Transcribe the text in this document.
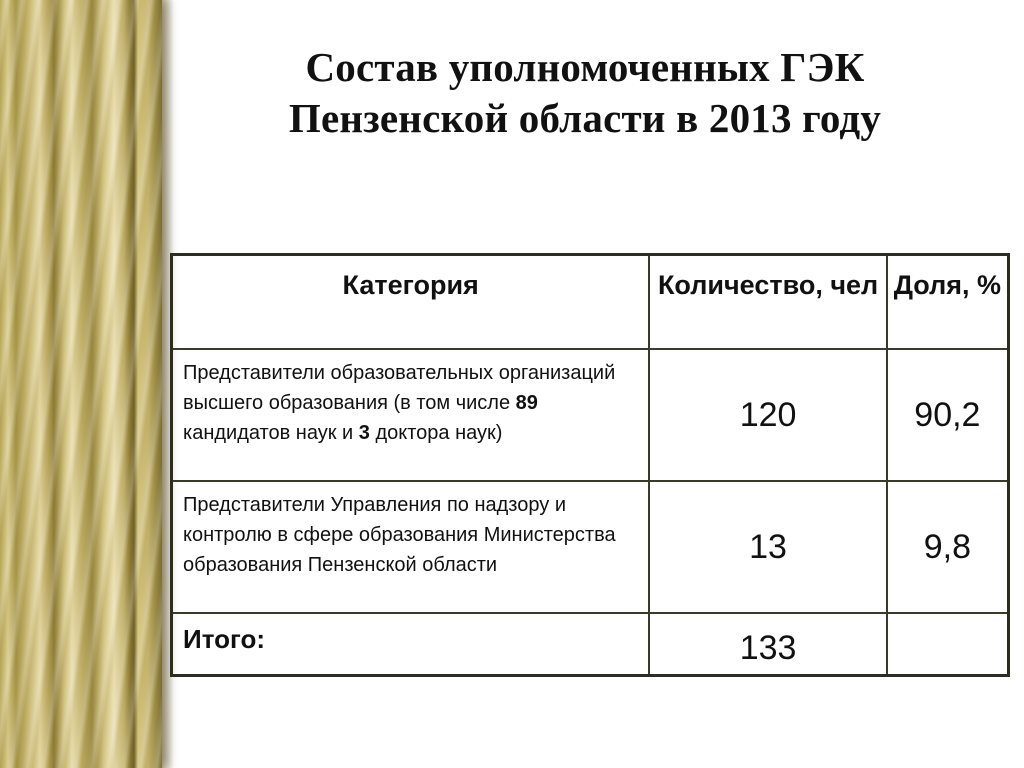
Состав уполномоченных ГЭК
Пензенской области в 2013 году
Категория	Количество, чел	Доля, %
Представители образовательных организаций высшего образования (в том числе 89 кандидатов наук и 3 доктора наук)	120	90,2
Представители Управления по надзору и контролю в сфере образования Министерства образования Пензенской области	13	9,8
Итого:	133	
